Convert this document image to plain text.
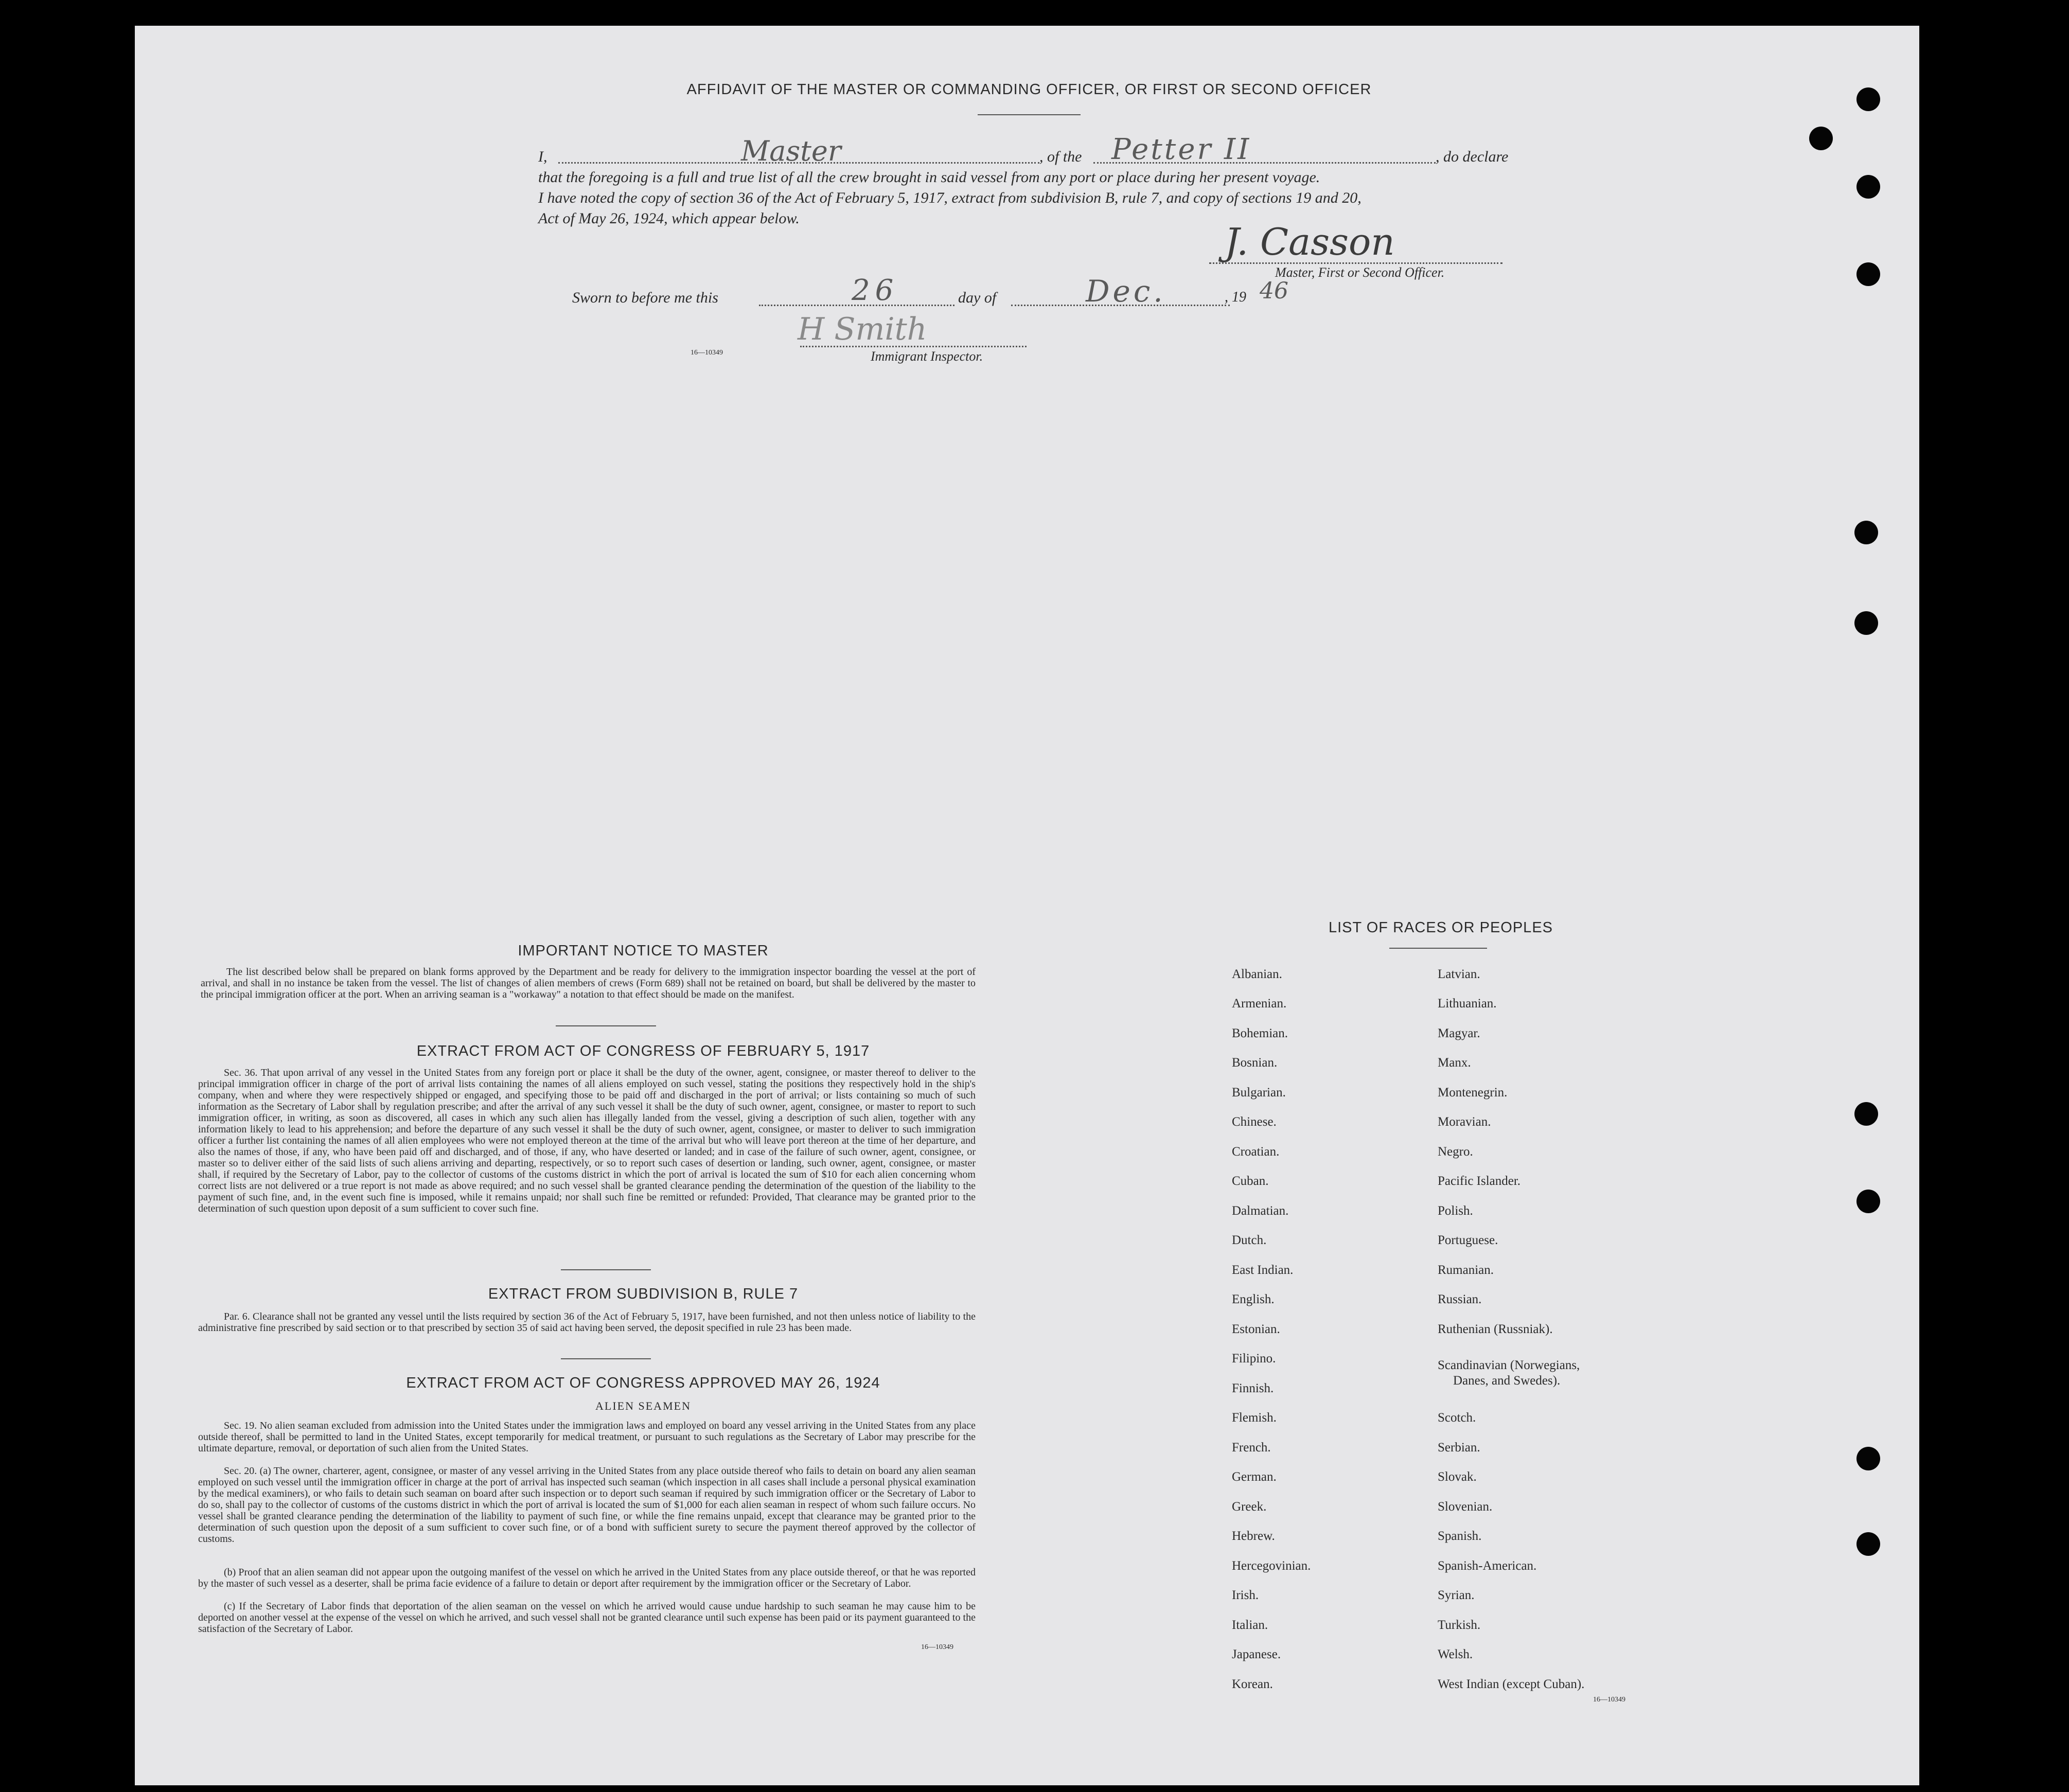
AFFIDAVIT OF THE MASTER OR COMMANDING OFFICER, OR FIRST OR SECOND OFFICER
I,	Master	, of the Petter II	, do declare
that the foregoing is a full and true list of all the crew brought in said vessel from any port or place during her present voyage.
I have noted the copy of section 36 of the Act of February 5, 1917, extract from subdivision B, rule 7, and copy of sections 19 and 20,
Act of May 26, 1924, which appear below.
J. Casson
Master, First or Second Officer.
Sworn to before me this	26	day of	Dec.	, 19 46
H Smith
16—10349	Immigrant Inspector.
IMPORTANT NOTICE TO MASTER
The list described below shall be prepared on blank forms approved by the Department and be ready for delivery to the immigration inspector boarding the vessel at the port of arrival, and shall in no instance be taken from the vessel. The list of changes of alien members of crews (Form 689) shall not be retained on board, but shall be delivered by the master to the principal immigration officer at the port. When an arriving seaman is a "workaway" a notation to that effect should be made on the manifest.
EXTRACT FROM ACT OF CONGRESS OF FEBRUARY 5, 1917
Sec. 36. That upon arrival of any vessel in the United States from any foreign port or place it shall be the duty of the owner, agent, consignee, or master thereof to deliver to the principal immigration officer in charge of the port of arrival lists containing the names of all aliens employed on such vessel, stating the positions they respectively hold in the ship's company, when and where they were respectively shipped or engaged, and specifying those to be paid off and discharged in the port of arrival; or lists containing so much of such information as the Secretary of Labor shall by regulation prescribe; and after the arrival of any such vessel it shall be the duty of such owner, agent, consignee, or master to report to such immigration officer, in writing, as soon as discovered, all cases in which any such alien has illegally landed from the vessel, giving a description of such alien, together with any information likely to lead to his apprehension; and before the departure of any such vessel it shall be the duty of such owner, agent, consignee, or master to deliver to such immigration officer a further list containing the names of all alien employees who were not employed thereon at the time of the arrival but who will leave port thereon at the time of her departure, and also the names of those, if any, who have been paid off and discharged, and of those, if any, who have deserted or landed; and in case of the failure of such owner, agent, consignee, or master so to deliver either of the said lists of such aliens arriving and departing, respectively, or so to report such cases of desertion or landing, such owner, agent, consignee, or master shall, if required by the Secretary of Labor, pay to the collector of customs of the customs district in which the port of arrival is located the sum of $10 for each alien concerning whom correct lists are not delivered or a true report is not made as above required; and no such vessel shall be granted clearance pending the determination of the question of the liability to the payment of such fine, and, in the event such fine is imposed, while it remains unpaid; nor shall such fine be remitted or refunded: Provided, That clearance may be granted prior to the determination of such question upon deposit of a sum sufficient to cover such fine.
EXTRACT FROM SUBDIVISION B, RULE 7
Par. 6. Clearance shall not be granted any vessel until the lists required by section 36 of the Act of February 5, 1917, have been furnished, and not then unless notice of liability to the administrative fine prescribed by said section or to that prescribed by section 35 of said act having been served, the deposit specified in rule 23 has been made.
EXTRACT FROM ACT OF CONGRESS APPROVED MAY 26, 1924
ALIEN SEAMEN
Sec. 19. No alien seaman excluded from admission into the United States under the immigration laws and employed on board any vessel arriving in the United States from any place outside thereof, shall be permitted to land in the United States, except temporarily for medical treatment, or pursuant to such regulations as the Secretary of Labor may prescribe for the ultimate departure, removal, or deportation of such alien from the United States.
Sec. 20. (a) The owner, charterer, agent, consignee, or master of any vessel arriving in the United States from any place outside thereof who fails to detain on board any alien seaman employed on such vessel until the immigration officer in charge at the port of arrival has inspected such seaman (which inspection in all cases shall include a personal physical examination by the medical examiners), or who fails to detain such seaman on board after such inspection or to deport such seaman if required by such immigration officer or the Secretary of Labor to do so, shall pay to the collector of customs of the customs district in which the port of arrival is located the sum of $1,000 for each alien seaman in respect of whom such failure occurs. No vessel shall be granted clearance pending the determination of the liability to payment of such fine, or while the fine remains unpaid, except that clearance may be granted prior to the determination of such question upon the deposit of a sum sufficient to cover such fine, or of a bond with sufficient surety to secure the payment thereof approved by the collector of customs.
(b) Proof that an alien seaman did not appear upon the outgoing manifest of the vessel on which he arrived in the United States from any place outside thereof, or that he was reported by the master of such vessel as a deserter, shall be prima facie evidence of a failure to detain or deport after requirement by the immigration officer or the Secretary of Labor.
(c) If the Secretary of Labor finds that deportation of the alien seaman on the vessel on which he arrived would cause undue hardship to such seaman he may cause him to be deported on another vessel at the expense of the vessel on which he arrived, and such vessel shall not be granted clearance until such expense has been paid or its payment guaranteed to the satisfaction of the Secretary of Labor.
16—10349
LIST OF RACES OR PEOPLES
Albanian.
Armenian.
Bohemian.
Bosnian.
Bulgarian.
Chinese.
Croatian.
Cuban.
Dalmatian.
Dutch.
East Indian.
English.
Estonian.
Filipino.
Finnish.
Flemish.
French.
German.
Greek.
Hebrew.
Hercegovinian.
Irish.
Italian.
Japanese.
Korean.
Latvian.
Lithuanian.
Magyar.
Manx.
Montenegrin.
Moravian.
Negro.
Pacific Islander.
Polish.
Portuguese.
Rumanian.
Russian.
Ruthenian (Russniak).
Scandinavian (Norwegians,
Danes, and Swedes).
Scotch.
Serbian.
Slovak.
Slovenian.
Spanish.
Spanish-American.
Syrian.
Turkish.
Welsh.
West Indian (except Cuban).
16—10349
